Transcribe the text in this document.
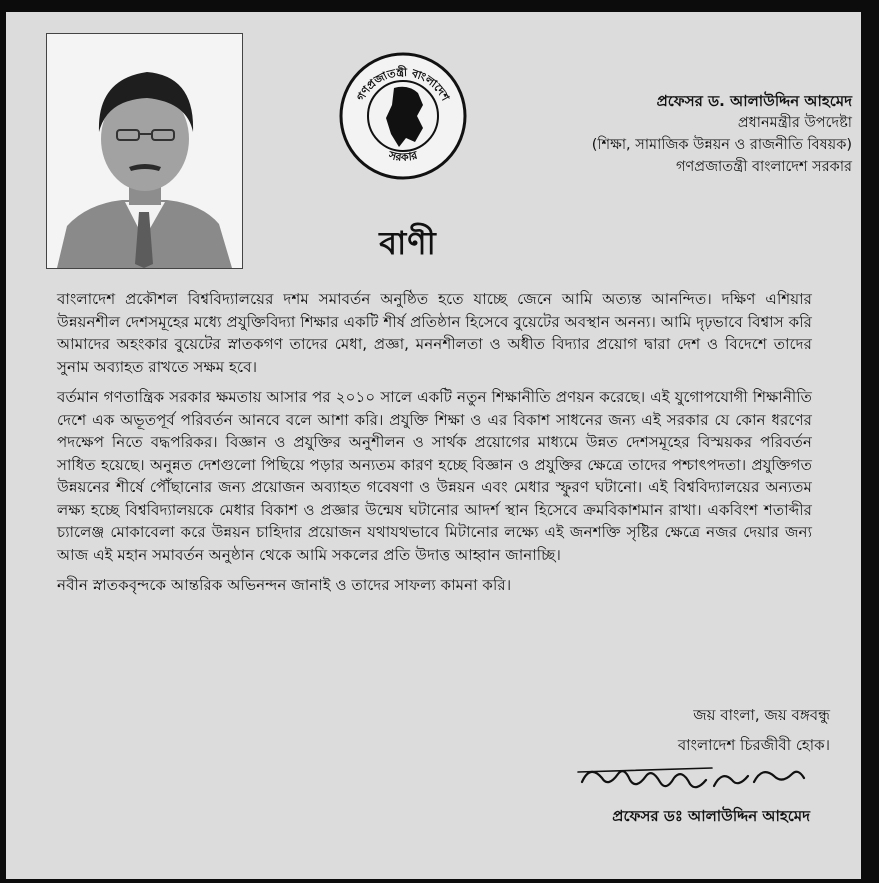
গণপ্রজাতন্ত্রী বাংলাদেশ
সরকার
প্রফেসর ড. আলাউদ্দিন আহমেদ
প্রধানমন্ত্রীর উপদেষ্টা
(শিক্ষা, সামাজিক উন্নয়ন ও রাজনীতি বিষয়ক)
গণপ্রজাতন্ত্রী বাংলাদেশ সরকার
বাণী

বাংলাদেশ প্রকৌশল বিশ্ববিদ্যালয়ের দশম সমাবর্তন অনুষ্ঠিত হতে যাচ্ছে জেনে আমি অত্যন্ত আনন্দিত। দক্ষিণ এশিয়ার উন্নয়নশীল দেশসমূহের মধ্যে প্রযুক্তিবিদ্যা শিক্ষার একটি শীর্ষ প্রতিষ্ঠান হিসেবে বুয়েটের অবস্থান অনন্য। আমি দৃঢ়ভাবে বিশ্বাস করি আমাদের অহংকার বুয়েটের স্নাতকগণ তাদের মেধা, প্রজ্ঞা, মননশীলতা ও অধীত বিদ্যার প্রয়োগ দ্বারা দেশ ও বিদেশে তাদের সুনাম অব্যাহত রাখতে সক্ষম হবে।

বর্তমান গণতান্ত্রিক সরকার ক্ষমতায় আসার পর ২০১০ সালে একটি নতুন শিক্ষানীতি প্রণয়ন করেছে। এই যুগোপযোগী শিক্ষানীতি দেশে এক অভূতপূর্ব পরিবর্তন আনবে বলে আশা করি। প্রযুক্তি শিক্ষা ও এর বিকাশ সাধনের জন্য এই সরকার যে কোন ধরণের পদক্ষেপ নিতে বদ্ধপরিকর। বিজ্ঞান ও প্রযুক্তির অনুশীলন ও সার্থক প্রয়োগের মাধ্যমে উন্নত দেশসমূহের বিস্ময়কর পরিবর্তন সাধিত হয়েছে। অনুন্নত দেশগুলো পিছিয়ে পড়ার অন্যতম কারণ হচ্ছে বিজ্ঞান ও প্রযুক্তির ক্ষেত্রে তাদের পশ্চাৎপদতা। প্রযুক্তিগত উন্নয়নের শীর্ষে পৌঁছানোর জন্য প্রয়োজন অব্যাহত গবেষণা ও উন্নয়ন এবং মেধার স্ফুরণ ঘটানো। এই বিশ্ববিদ্যালয়ের অন্যতম লক্ষ্য হচ্ছে বিশ্ববিদ্যালয়কে মেধার বিকাশ ও প্রজ্ঞার উন্মেষ ঘটানোর আদর্শ স্থান হিসেবে ক্রমবিকাশমান রাখা। একবিংশ শতাব্দীর চ্যালেঞ্জ মোকাবেলা করে উন্নয়ন চাহিদার প্রয়োজন যথাযথভাবে মিটানোর লক্ষ্যে এই জনশক্তি সৃষ্টির ক্ষেত্রে নজর দেয়ার জন্য আজ এই মহান সমাবর্তন অনুষ্ঠান থেকে আমি সকলের প্রতি উদাত্ত আহ্বান জানাচ্ছি।

নবীন স্নাতকবৃন্দকে আন্তরিক অভিনন্দন জানাই ও তাদের সাফল্য কামনা করি।

জয় বাংলা, জয় বঙ্গবন্ধু
বাংলাদেশ চিরজীবী হোক।
প্রফেসর ডঃ আলাউদ্দিন আহমেদ
